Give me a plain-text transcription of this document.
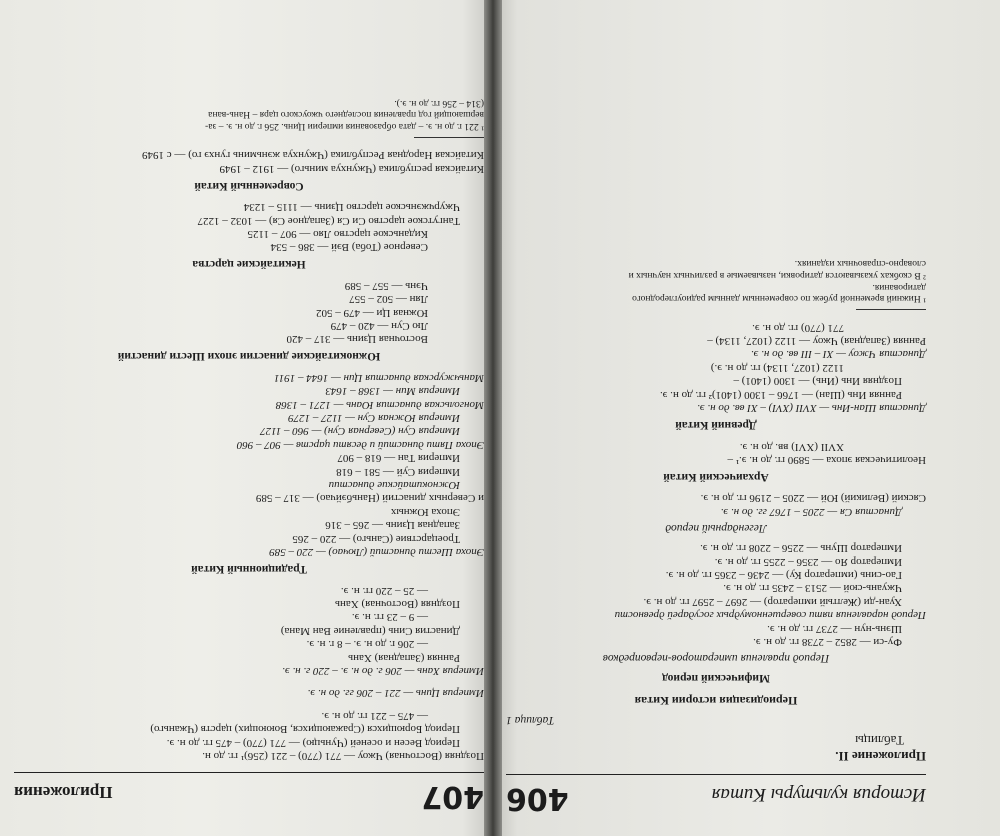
407
Приложения
Поздняя (Восточная) Чжоу — 771 (770) – 221 (256)¹ гг. до н.
Период Весен и осеней (Чуньцю) — 771 (770) – 475 гг. до н. э.
Период Борющихся (Сражающихся, Воюющих) царств (Чжаньго)
— 475 – 221 гг. до н. э.
Империя Цинь — 221 – 206 гг. до н. э.
Империя Хань — 206 г. до н. э. – 220 г. н. э.
Ранняя (Западная) Хань
— 206 г. до н. э. – 8 г. н. э.
Династия Синь (правление Ван Мана)
— 9 – 23 гг. н. э.
Поздняя (Восточная) Хань
— 25 – 220 гг. н. э.
Традиционный Китай
Эпоха Шести династий (Лючао) — 220 – 589
Троецарствие (Саньго) — 220 – 265
Западная Цзинь — 265 – 316
Эпоха Южных
и Северных династий (Наньбэйчао) — 317 – 589
Южнокитайские династии
Империя Суй — 581 – 618
Империя Тан — 618 – 907
Эпоха Пяти династий и десяти царств — 907 – 960
Империя Сун (Северная Сун) — 960 – 1127
Империя Южная Сун — 1127 – 1279
Монгольская династия Юань — 1271 – 1368
Империя Мин — 1368 – 1643
Маньчжурская династия Цин — 1644 – 1911
Южнокитайские династии эпохи Шести династий
Восточная Цзинь — 317 – 420
Лю Сун — 420 – 479
Южная Ци — 479 – 502
Лян — 502 – 557
Чэнь — 557 – 589
Некитайские царства
Северное (Тоба) Вэй — 386 – 534
Киданьское царство Ляо — 907 – 1125
Тангутское царство Си Ся (Западное Ся) — 1032 – 1227
Чжурчжэньское царство Цзинь — 1115 – 1234
Современный Китай
Китайская республика (Чжунхуа миньго) — 1912 – 1949
Китайская Народная Республика (Чжунхуа жэньминь гунхэ го) — с 1949
¹ 221 г. до н. э. – дата образования империи Цинь. 256 г. до н. э. – за-
вершающий год правления последнего чжоуского царя – Нань-вана
(314 – 256 гг. до н. э.).
История культуры Китая
406
Приложение II.
Таблицы
Таблица 1
Периодизация истории Китая
Мифический период
Период правления императоров-первопредков
Фу-си — 2852 – 2738 гг. до н. э.
Шэнь-нун — 2737 гг. до н. э.
Период наравления пяти совершенномудрых государей древности
Хуан-ди (Желтый император) — 2697 – 2597 гг. до н. э.
Чжуань-сюй — 2513 – 2435 гг. до н. э.
Гао-синь (император Ку) — 2436 – 2365 гг. до н. э.
Император Яо — 2356 – 2255 гг. до н. э.
Император Шунь — 2256 – 2208 гг. до н. э.
Легендарный период
Династия Ся — 2205 – 1767 гг. до н. э.
Сяский (Великий) Юй — 2205 – 2196 гг. до н. э.
Архаический Китай
Неолитическая эпоха — 5890 гг. до н. э.¹ –
XVII (XVI) вв. до н. э.
Древний Китай
Династия Шан-Инь — XVII (XVI) – XI вв. до н. э.
Ранняя Инь (Шан) — 1766 – 1300 (1401)² гг. до н. э.
Поздняя Инь (Инь) — 1300 (1401) –
1122 (1027, 1134) гг. до н. э.)
Династия Чжоу — XI – III вв. до н. э.
Ранняя (Западная) Чжоу — 1122 (1027, 1134) –
771 (770) гг. до н. э.
¹ Нижний временной рубеж по современным данным радиоуглеродного
датирования.
² В скобках указываются датировки, называемые в различных научных и
словарно-справочных изданиях.
